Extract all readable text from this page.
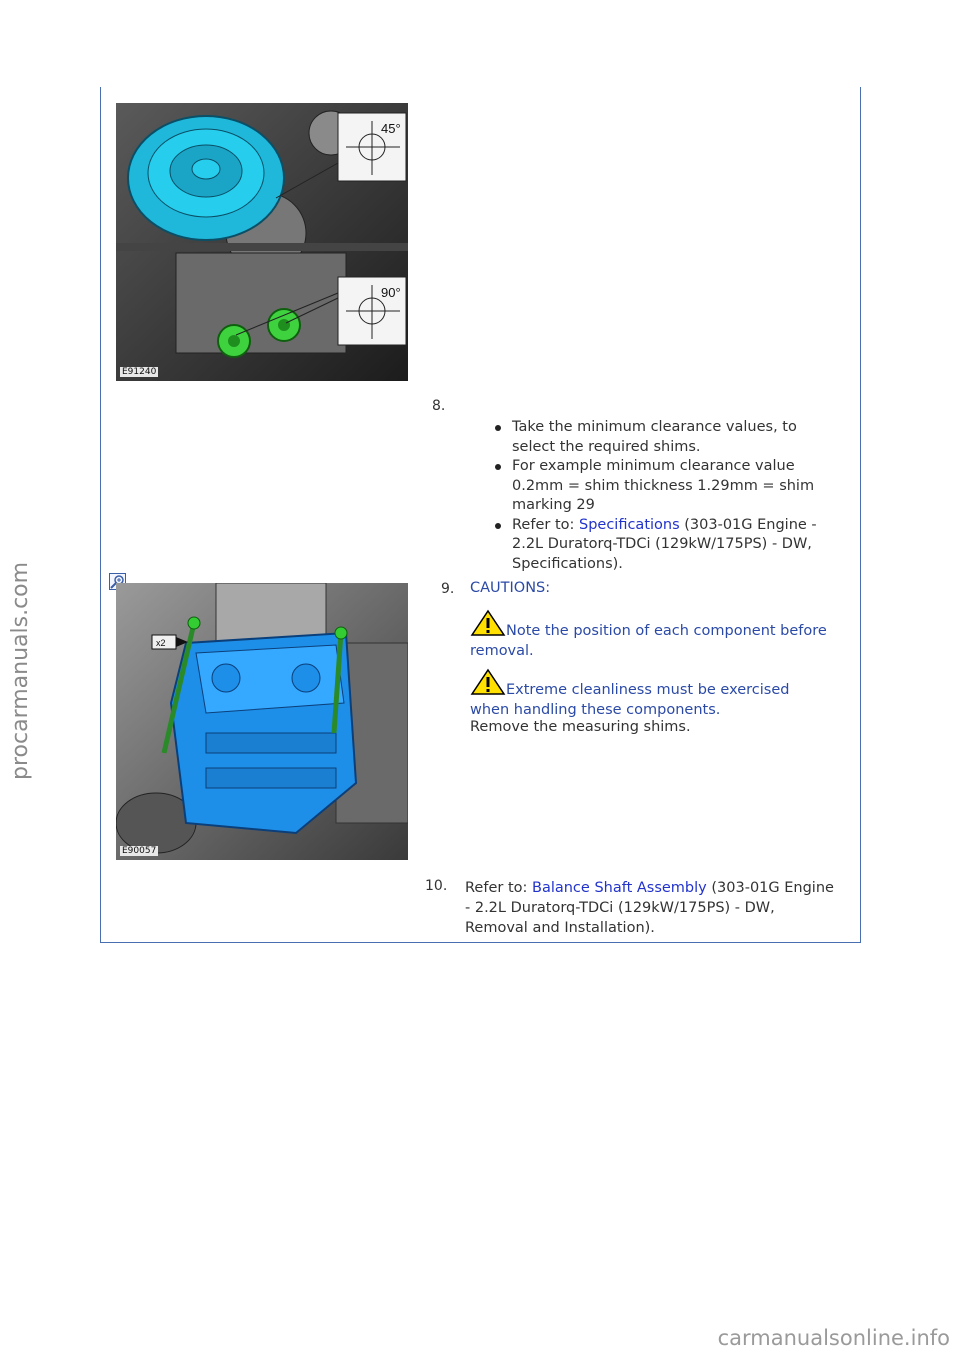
45°
90°
E91240
8.
Take the minimum clearance values, to select the required shims.
For example minimum clearance value 0.2mm = shim thickness 1.29mm = shim marking 29
Refer to: Specifications (303-01G Engine - 2.2L Duratorq-TDCi (129kW/175PS) - DW, Specifications).
x2
E90057
9. CAUTIONS:
Note the position of each component before removal.
Extreme cleanliness must be exercised when handling these components.
Remove the measuring shims.
10. Refer to: Balance Shaft Assembly (303-01G Engine - 2.2L Duratorq-TDCi (129kW/175PS) - DW, Removal and Installation).
procarmanuals.com
carmanualsonline.info
